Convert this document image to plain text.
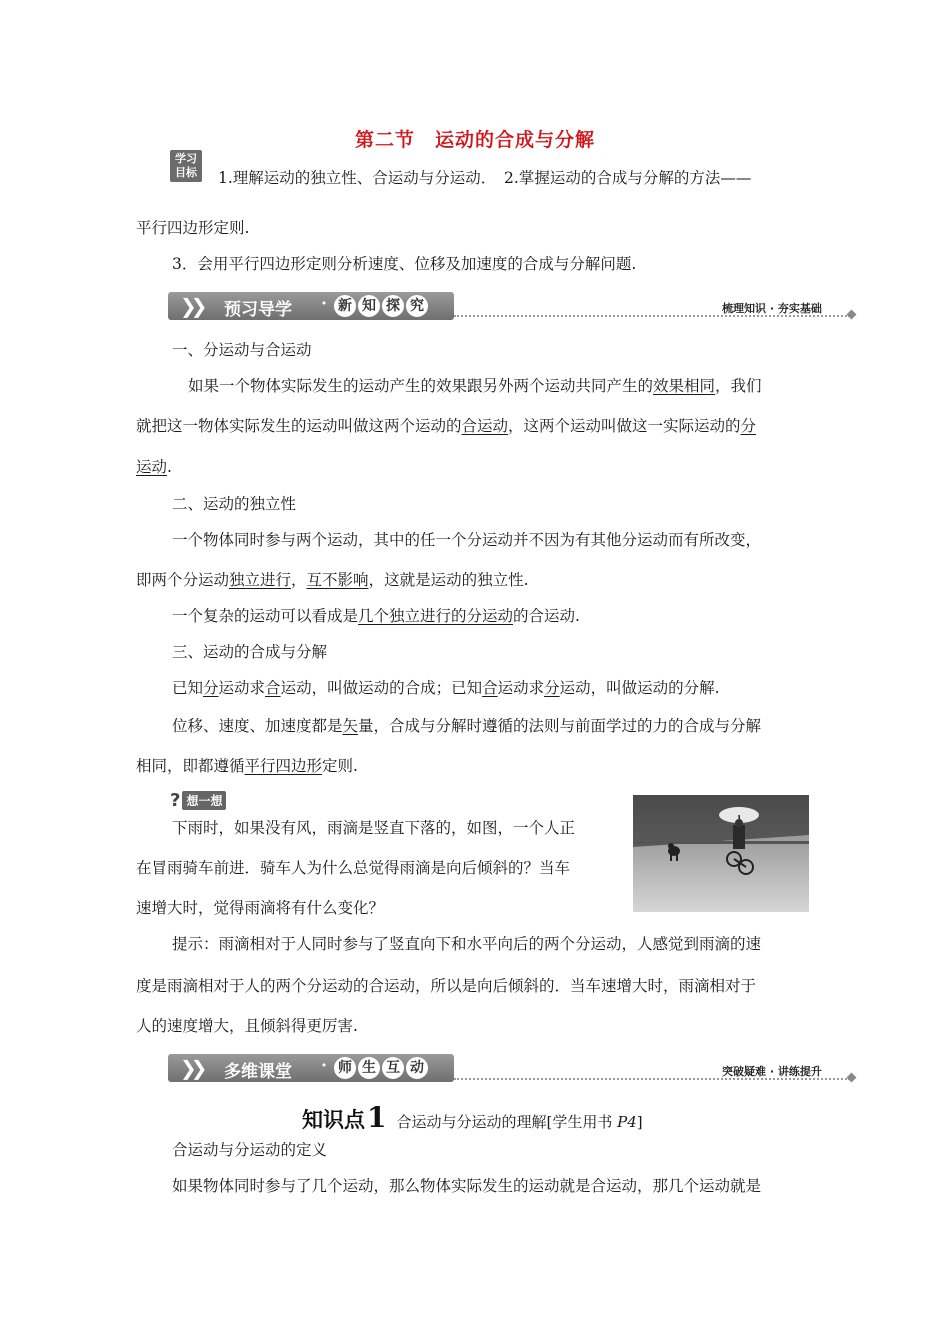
第二节　运动的合成与分解
学习目标 1.理解运动的独立性、合运动与分运动．　2.掌握运动的合成与分解的方法——
平行四边形定则.
3．会用平行四边形定则分析速度、位移及加速度的合成与分解问题.
❯❯ 预习导学 · 新 知 探 究	梳理知识 · 夯实基础
一、分运动与合运动
如果一个物体实际发生的运动产生的效果跟另外两个运动共同产生的效果相同，我们
就把这一物体实际发生的运动叫做这两个运动的合运动，这两个运动叫做这一实际运动的分
运动.
二、运动的独立性
一个物体同时参与两个运动，其中的任一个分运动并不因为有其他分运动而有所改变，
即两个分运动独立进行，互不影响，这就是运动的独立性.
一个复杂的运动可以看成是几个独立进行的分运动的合运动.
三、运动的合成与分解
已知分运动求合运动，叫做运动的合成；已知合运动求分运动，叫做运动的分解.
位移、速度、加速度都是矢量，合成与分解时遵循的法则与前面学过的力的合成与分解
相同，即都遵循平行四边形定则.
? 想一想
下雨时，如果没有风，雨滴是竖直下落的，如图，一个人正
在冒雨骑车前进．骑车人为什么总觉得雨滴是向后倾斜的？当车
速增大时，觉得雨滴将有什么变化？
提示：雨滴相对于人同时参与了竖直向下和水平向后的两个分运动，人感觉到雨滴的速
度是雨滴相对于人的两个分运动的合运动，所以是向后倾斜的．当车速增大时，雨滴相对于
人的速度增大，且倾斜得更厉害.
❯❯ 多维课堂 · 师 生 互 动	突破疑难 · 讲练提升
知识点1 合运动与分运动的理解[学生用书 P4]
合运动与分运动的定义
如果物体同时参与了几个运动，那么物体实际发生的运动就是合运动，那几个运动就是
